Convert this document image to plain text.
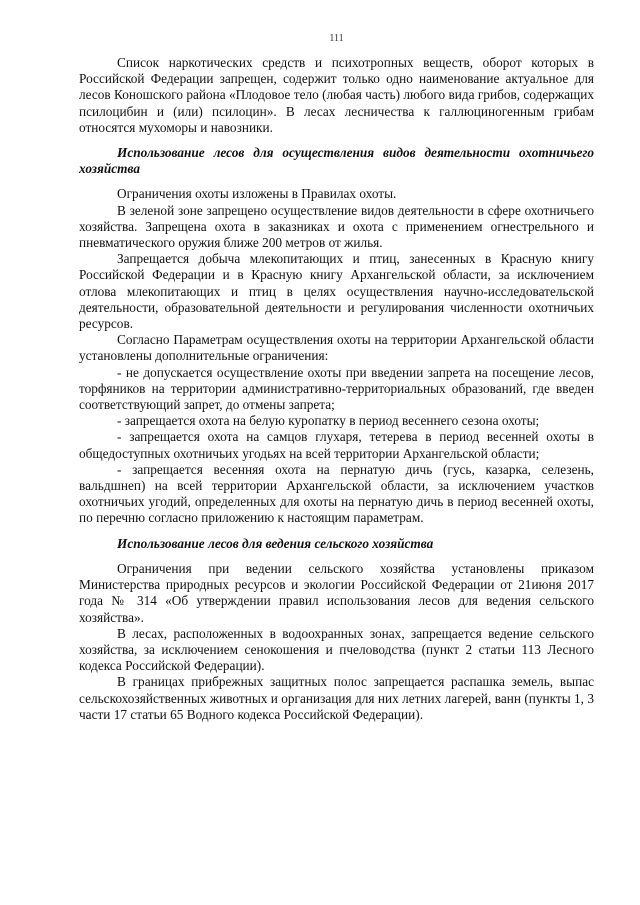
111

Список наркотических средств и психотропных веществ, оборот которых в Российской Федерации запрещен, содержит только одно наименование актуальное для лесов Коношского района «Плодовое тело (любая часть) любого вида грибов, содержащих псилоцибин и (или) псилоцин». В лесах лесничества к галлюциногенным грибам относятся мухоморы и навозники.

Использование лесов для осуществления видов деятельности охотничьего хозяйства

Ограничения охоты изложены в Правилах охоты.

В зеленой зоне запрещено осуществление видов деятельности в сфере охотничьего хозяйства. Запрещена охота в заказниках и охота с применением огнестрельного и пневматического оружия ближе 200 метров от жилья.

Запрещается добыча млекопитающих и птиц, занесенных в Красную книгу Российской Федерации и в Красную книгу Архангельской области, за исключением отлова млекопитающих и птиц в целях осуществления научно-исследовательской деятельности, образовательной деятельности и регулирования численности охотничьих ресурсов.

Согласно Параметрам осуществления охоты на территории Архангельской области установлены дополнительные ограничения:

- не допускается осуществление охоты при введении запрета на посещение лесов, торфяников на территории административно-территориальных образований, где введен соответствующий запрет, до отмены запрета;

- запрещается охота на белую куропатку в период весеннего сезона охоты;

- запрещается охота на самцов глухаря, тетерева в период весенней охоты в общедоступных охотничьих угодьях на всей территории Архангельской области;

- запрещается весенняя охота на пернатую дичь (гусь, казарка, селезень, вальдшнеп) на всей территории Архангельской области, за исключением участков охотничьих угодий, определенных для охоты на пернатую дичь в период весенней охоты, по перечню согласно приложению к настоящим параметрам.

Использование лесов для ведения сельского хозяйства

Ограничения при ведении сельского хозяйства установлены приказом Министерства природных ресурсов и экологии Российской Федерации от 21июня 2017 года № 314 «Об утверждении правил использования лесов для ведения сельского хозяйства».

В лесах, расположенных в водоохранных зонах, запрещается ведение сельского хозяйства, за исключением сенокошения и пчеловодства (пункт 2 статьи 113 Лесного кодекса Российской Федерации).

В границах прибрежных защитных полос запрещается распашка земель, выпас сельскохозяйственных животных и организация для них летних лагерей, ванн (пункты 1, 3 части 17 статьи 65 Водного кодекса Российской Федерации).
